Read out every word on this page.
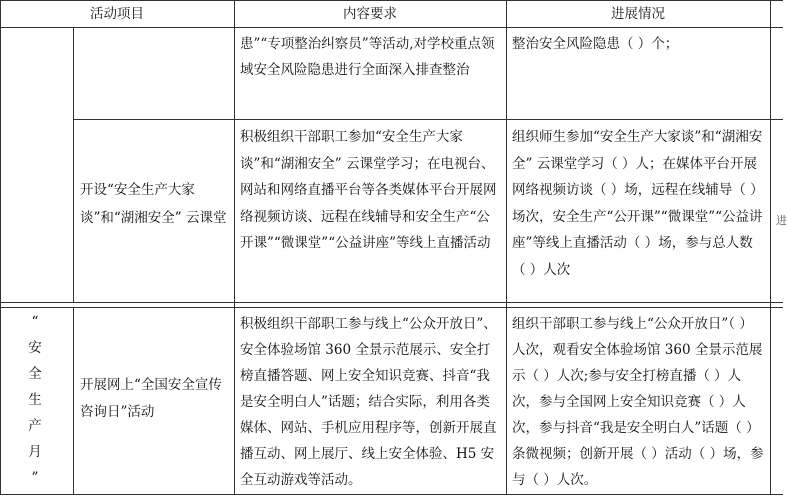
活动项目	内容要求	进展情况
患”“专项整治纠察员”等活动,对学校重点领域安全风险隐患进行全面深入排查整治
整治安全风险隐患（ ）个；
开设“安全生产大家谈”和“湖湘安全” 云课堂
积极组织干部职工参加“安全生产大家谈”和“湖湘安全” 云课堂学习；在电视台、网站和网络直播平台等各类媒体平台开展网络视频访谈、远程在线辅导和安全生产“公开课”“微课堂”“公益讲座”等线上直播活动
组织师生参加“安全生产大家谈”和“湖湘安全” 云课堂学习（ ）人；在媒体平台开展网络视频访谈（ ）场，远程在线辅导（ ）场次，安全生产“公开课”“微课堂”“公益讲座”等线上直播活动（ ）场，参与总人数（ ）人次
“
安
全
生
产
月
”
开展网上“全国安全宣传咨询日”活动
积极组织干部职工参与线上“公众开放日”、安全体验场馆 360 全景示范展示、安全打榜直播答题、网上安全知识竞赛、抖音“我是安全明白人”话题；结合实际，利用各类媒体、网站、手机应用程序等，创新开展直播互动、网上展厅、线上安全体验、H5 安全互动游戏等活动。
组织干部职工参与线上“公众开放日”（ ）人次，观看安全体验场馆 360 全景示范展示（ ）人次;参与安全打榜直播（ ）人次，参与全国网上安全知识竞赛（ ）人次，参与抖音“我是安全明白人”话题（ ）条微视频；创新开展（ ）活动（ ）场，参与（ ）人次。
进
